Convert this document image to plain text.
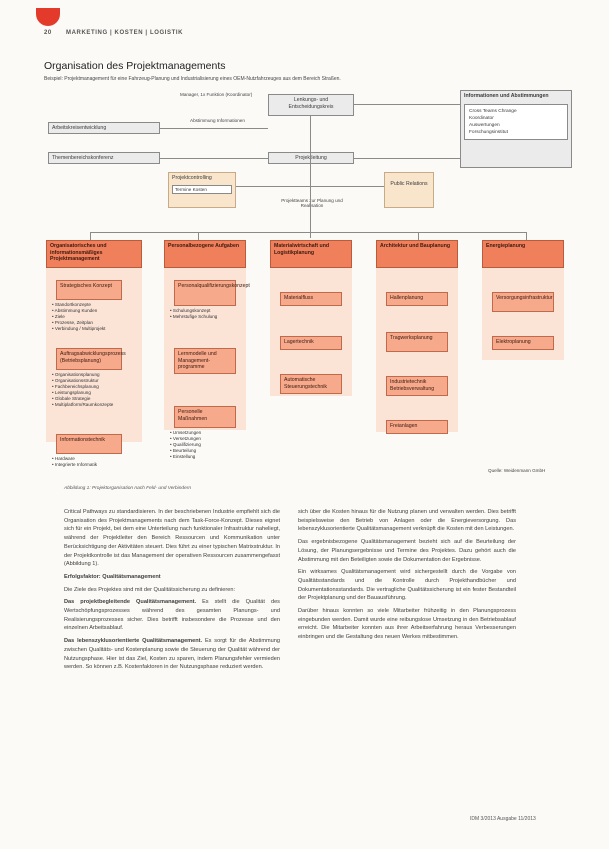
20 MARKETING | KOSTEN | LOGISTIK
Organisation des Projektmanagements
Beispiel: Projektmanagement für eine Fahrzeug-Planung und Industrialisierung eines OEM-Nutzfahrzeuges aus dem Bereich Straßen.
Manager, 1x Funktion (Koordinator)
Arbeitskreisentwicklung
Abstimmung Informationen
Lenkungs- und Entscheidungskreis
Informationen und Abstimmungen
Cross Teams Chrange
Koordinator
Auswertungen
Forschungsinstitut
Themenbereichskonferenz	Projektleitung
Projektcontrolling
Termine Kosten
Public Relations
Projektteams zur Planung und Realisation
Organisatorisches und informationsmäßiges Projektmanagement
Strategisches Konzept
• Standortkonzepte
• Abstimmung Kunden
• Ziele
• Prozesse, Zeitplan
• Verbindung / Multiprojekt
Auftragsabwicklungsprozess (Betriebsplanung)
• Organisationsplanung
• Organisationsstruktur
• Fachbereichsplanung
• Leistungsplanung
• Globale Strategie
• Multiplatform/Raumkonzepte
Informationstechnik
• Hardware
• Integrierte Informatik
Personalbezogene Aufgaben
Personalqualifizierungskonzept
• Schulungskonzept
• Mehrstufige Schulung
Lernmodelle und Management-programme
Personelle Maßnahmen
• Umsetzungen
• Versetzungen
• Qualifizierung
• Beurteilung
• Einstellung
Materialwirtschaft und Logistikplanung
Materialfluss
Lagertechnik
Automatische Steuerungstechnik
Architektur und Bauplanung
Hallenplanung
Tragwerksplanung
Industrietechnik Betriebsverwaltung
Freianlagen
Energieplanung
Versorgungsinfrastruktur
Elektroplanung
Quelle: Weidenmann GmbH
Abbildung 1: Projektorganisation nach Feld- und Verbindern

Critical Pathways zu standardisieren. In der beschriebenen Industrie empfiehlt sich die Organisation des Projektmanagements nach dem Task-Force-Konzept. Dieses eignet sich für ein Projekt, bei dem eine Unterteilung nach funktionaler Infrastruktur naheliegt, während der Projektleiter den Bereich Ressourcen und Kommunikation unter Berücksichtigung der Aktivitäten steuert. Dies führt zu einer typischen Matrixstruktur. In der Projektkontrolle ist das Management der operativen Ressourcen zusammengefasst (Abbildung 1).

Erfolgsfaktor: Qualitätsmanagement

Die Ziele des Projektes sind mit der Qualitätssicherung zu definieren:

Das projektbegleitende Qualitätsmanagement. Es stellt die Qualität des Wertschöpfungsprozesses während des gesamten Planungs- und Realisierungsprozesses sicher. Dies betrifft insbesondere die Prozesse und den einzelnen Arbeitsablauf.

Das lebenszyklusorientierte Qualitätsmanagement. Es sorgt für die Abstimmung zwischen Qualitäts- und Kostenplanung sowie die Steuerung der Qualität während der Nutzungsphase. Hier ist das Ziel, Kosten zu sparen, indem Planungsfehler vermieden werden. So können z.B. Kostenfaktoren in der Nutzungsphase reduziert werden.

sich über die Kosten hinaus für die Nutzung planen und verwalten werden. Dies betrifft beispielsweise den Betrieb von Anlagen oder die Energieversorgung. Das lebenszyklusorientierte Qualitätsmanagement verknüpft die Kosten mit den Leistungen.

Das ergebnisbezogene Qualitätsmanagement bezieht sich auf die Beurteilung der Lösung, der Planungsergebnisse und Termine des Projektes. Dazu gehört auch die Abstimmung mit den Beteiligten sowie die Dokumentation der Ergebnisse.

Ein wirksames Qualitätsmanagement wird sichergestellt durch die Vorgabe von Qualitätsstandards und die Kontrolle durch Projekthandbücher und Dokumentationsstandards. Die vertragliche Qualitätssicherung ist ein fester Bestandteil der Projektplanung und der Bauausführung.

Darüber hinaus konnten so viele Mitarbeiter frühzeitig in den Planungsprozess eingebunden werden. Damit wurde eine reibungslose Umsetzung in den Betriebsablauf erreicht. Die Mitarbeiter konnten aus ihrer Arbeitserfahrung heraus Verbesserungen einbringen und die Gestaltung des neuen Werkes mitbestimmen.

IDM 3/2013 Ausgabe 11/2013
